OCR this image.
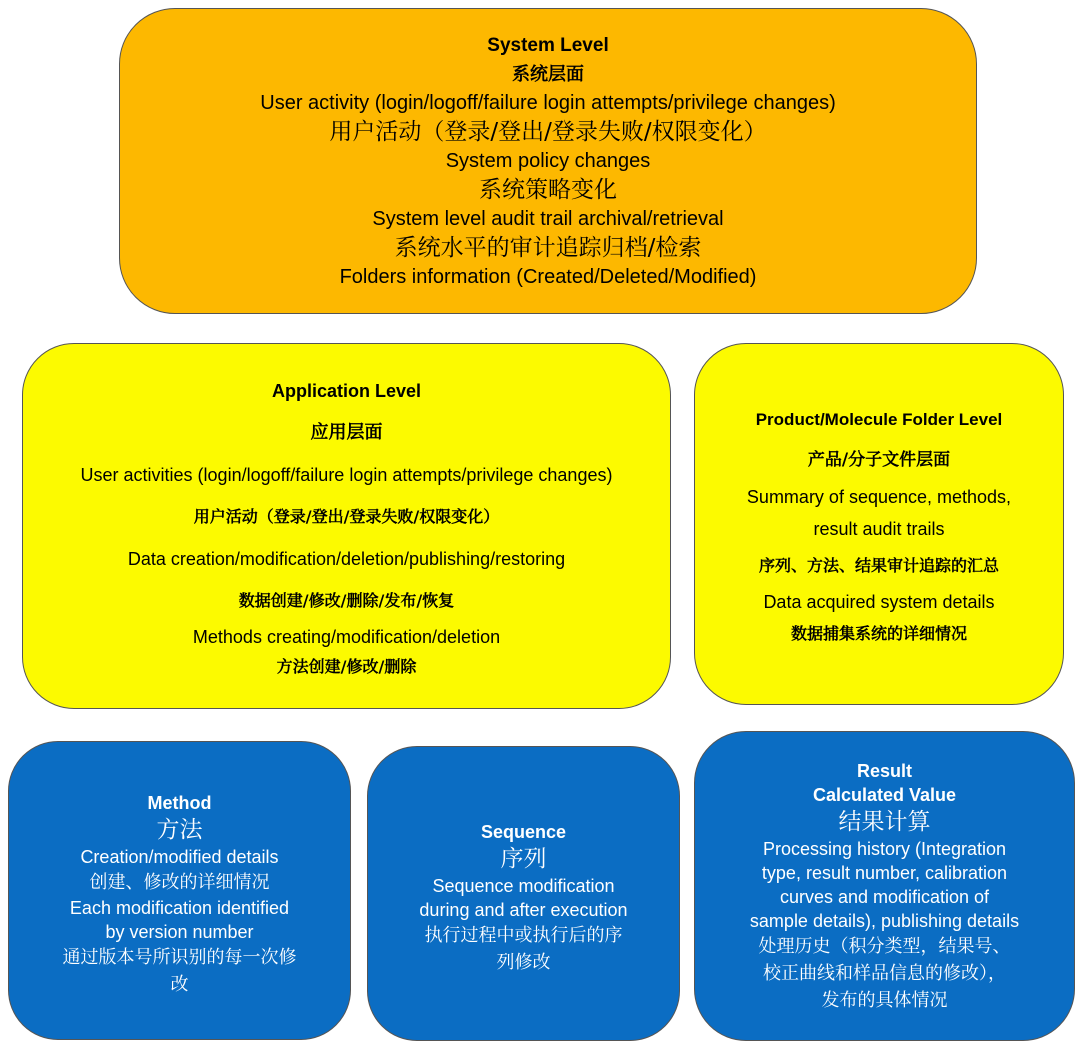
System Level
系统层面
User activity (login/logoff/failure login attempts/privilege changes)
用户活动（登录/登出/登录失败/权限变化）
System policy changes
系统策略变化
System level audit trail archival/retrieval
系统水平的审计追踪归档/检索
Folders information (Created/Deleted/Modified)
Application Level
应用层面
User activities (login/logoff/failure login attempts/privilege changes)
用户活动（登录/登出/登录失败/权限变化）
Data creation/modification/deletion/publishing/restoring
数据创建/修改/删除/发布/恢复
Methods creating/modification/deletion
方法创建/修改/删除
Product/Molecule Folder Level
产品/分子文件层面
Summary of sequence, methods,
result audit trails
序列、方法、结果审计追踪的汇总
Data acquired system details
数据捕集系统的详细情况
Method
方法
Creation/modified details
创建、修改的详细情况
Each modification identified
by version number
通过版本号所识别的每一次修
改
Sequence
序列
Sequence modification
during and after execution
执行过程中或执行后的序
列修改
Result
Calculated Value
结果计算
Processing history (Integration
type, result number, calibration
curves and modification of
sample details), publishing details
处理历史（积分类型，结果号、
校正曲线和样品信息的修改），
发布的具体情况
